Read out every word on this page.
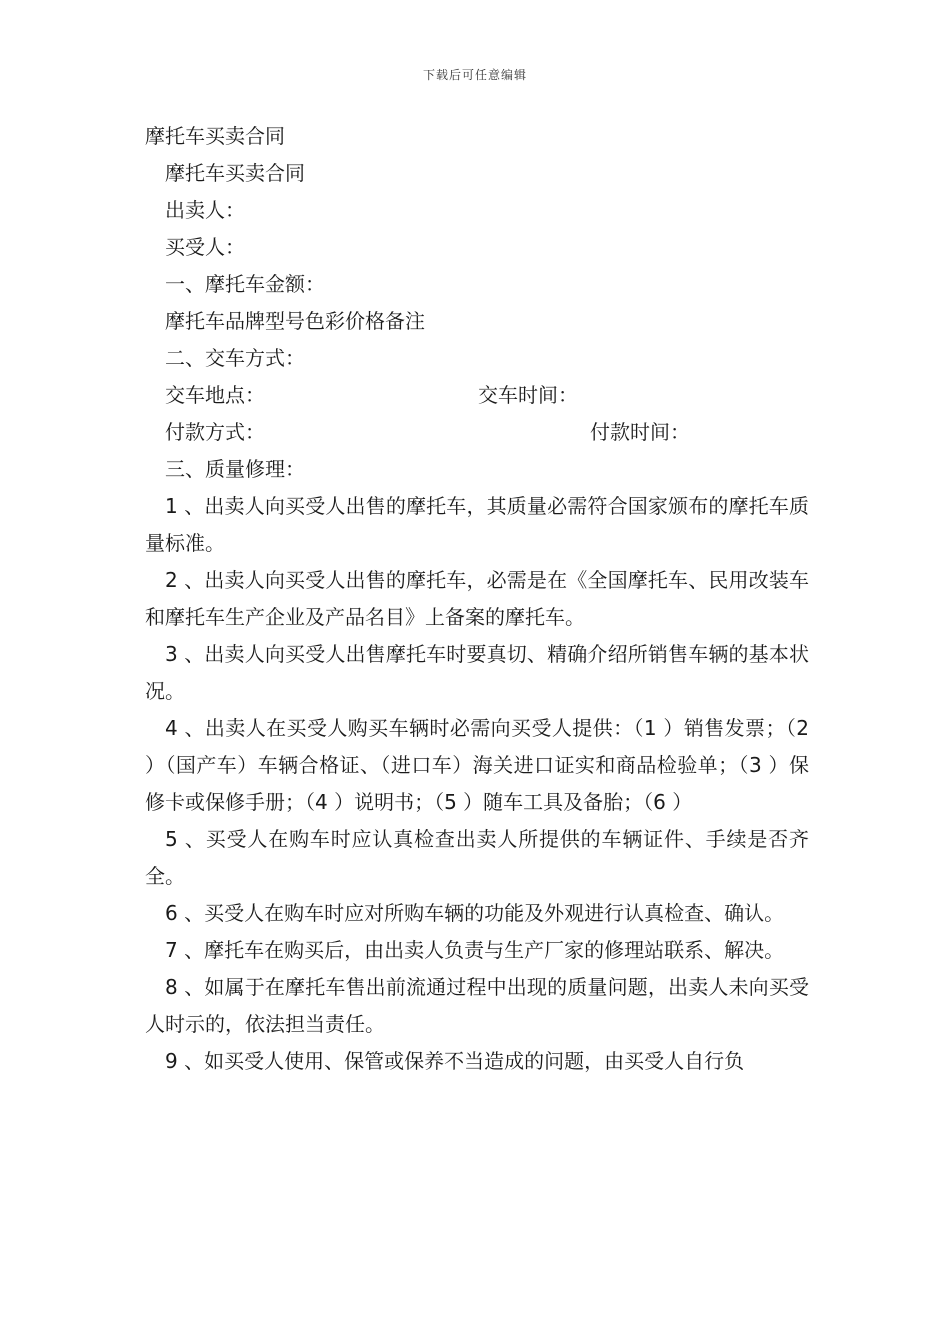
下载后可任意编辑
摩托车买卖合同
摩托车买卖合同
出卖人：
买受人：
一、摩托车金额：
摩托车品牌型号色彩价格备注
二、交车方式：
交车地点：	交车时间：
付款方式：	付款时间：
三、质量修理：
1 、出卖人向买受人出售的摩托车，其质量必需符合国家颁布的摩托车质量标准。
2 、出卖人向买受人出售的摩托车，必需是在《全国摩托车、民用改装车和摩托车生产企业及产品名目》上备案的摩托车。
3 、出卖人向买受人出售摩托车时要真切、精确介绍所销售车辆的基本状况。
4 、出卖人在买受人购买车辆时必需向买受人提供：（1 ）销售发票；（2 ）（国产车）车辆合格证、（进口车）海关进口证实和商品检验单；（3 ）保修卡或保修手册；（4 ）说明书；（5 ）随车工具及备胎；（6 ）
5 、买受人在购车时应认真检查出卖人所提供的车辆证件、手续是否齐全。
6 、买受人在购车时应对所购车辆的功能及外观进行认真检查、确认。
7 、摩托车在购买后，由出卖人负责与生产厂家的修理站联系、解决。
8 、如属于在摩托车售出前流通过程中出现的质量问题，出卖人未向买受人时示的，依法担当责任。
9 、如买受人使用、保管或保养不当造成的问题，由买受人自行负
